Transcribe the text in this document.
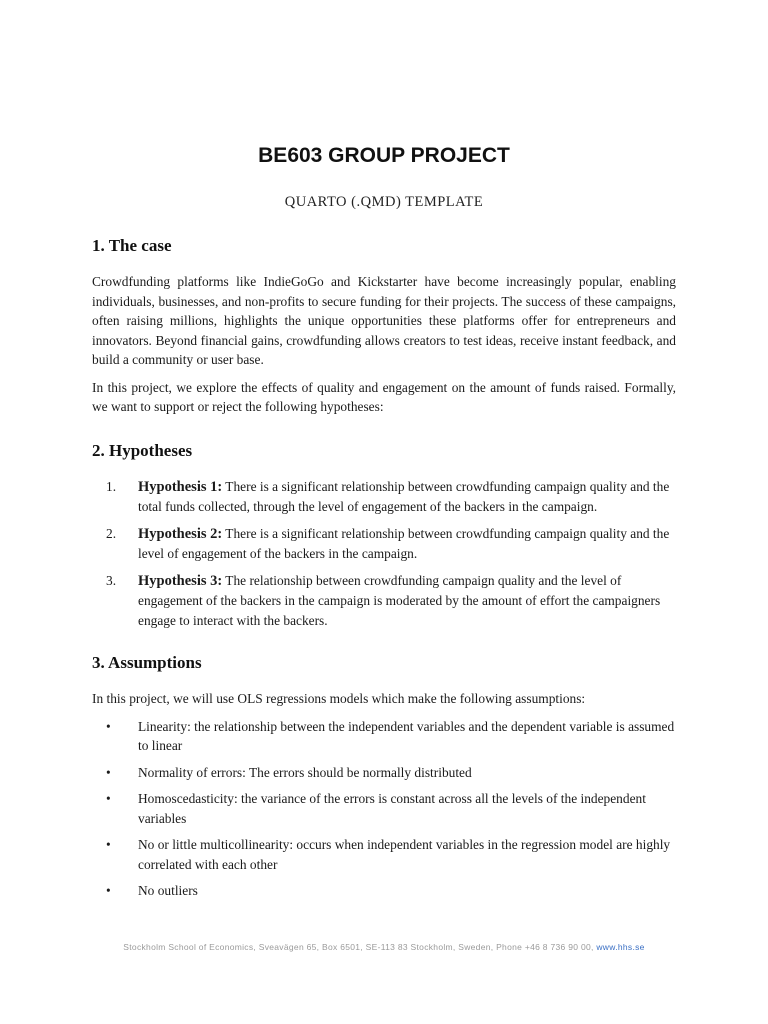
BE603 GROUP PROJECT
QUARTO (.QMD) TEMPLATE
1. The case

Crowdfunding platforms like IndieGoGo and Kickstarter have become increasingly popular, enabling individuals, businesses, and non-profits to secure funding for their projects. The success of these campaigns, often raising millions, highlights the unique opportunities these platforms offer for entrepreneurs and innovators. Beyond financial gains, crowdfunding allows creators to test ideas, receive instant feedback, and build a community or user base.

In this project, we explore the effects of quality and engagement on the amount of funds raised. Formally, we want to support or reject the following hypotheses:

2. Hypotheses
1. Hypothesis 1: There is a significant relationship between crowdfunding campaign quality and the total funds collected, through the level of engagement of the backers in the campaign.
2. Hypothesis 2: There is a significant relationship between crowdfunding campaign quality and the level of engagement of the backers in the campaign.
3. Hypothesis 3: The relationship between crowdfunding campaign quality and the level of engagement of the backers in the campaign is moderated by the amount of effort the campaigners engage to interact with the backers.
3. Assumptions

In this project, we will use OLS regressions models which make the following assumptions:

• Linearity: the relationship between the independent variables and the dependent variable is assumed to linear
• Normality of errors: The errors should be normally distributed
• Homoscedasticity: the variance of the errors is constant across all the levels of the independent variables
• No or little multicollinearity: occurs when independent variables in the regression model are highly correlated with each other
• No outliers
Stockholm School of Economics, Sveavägen 65, Box 6501, SE-113 83 Stockholm, Sweden, Phone +46 8 736 90 00, www.hhs.se
